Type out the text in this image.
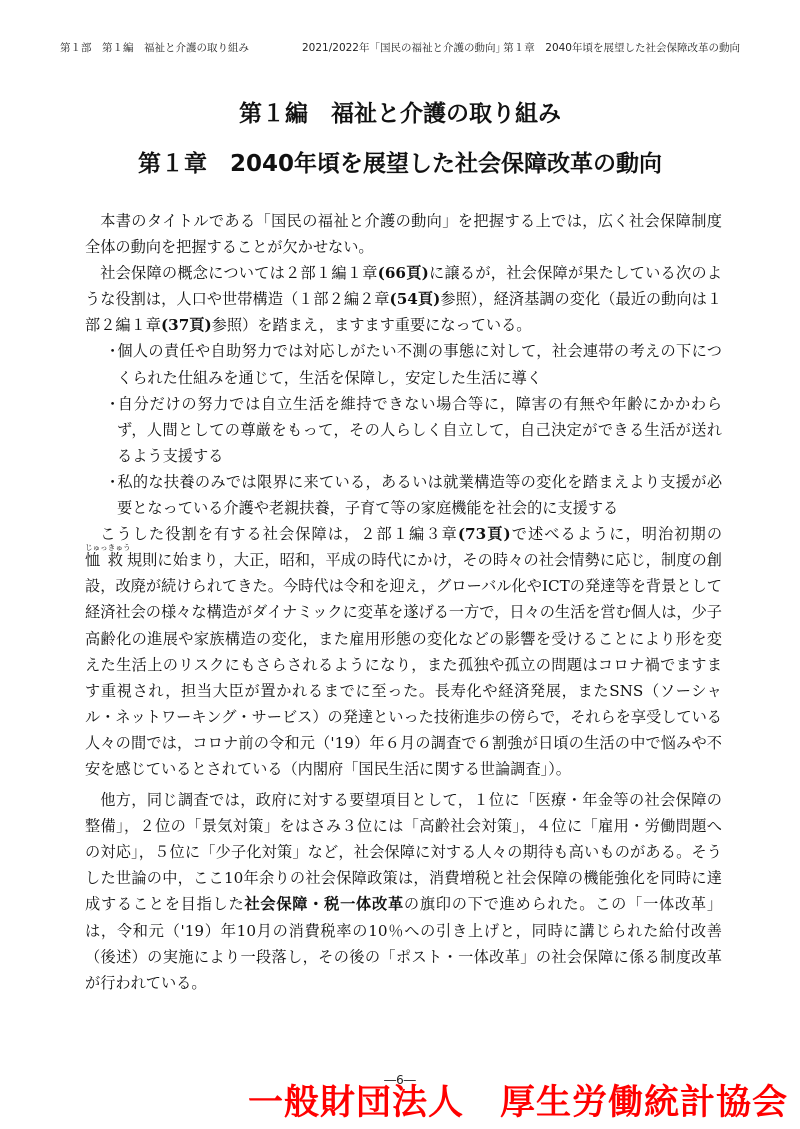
第１部　第１編　福祉と介護の取り組み	2021/2022年「国民の福祉と介護の動向」
第１章　2040年頃を展望した社会保障改革の動向
第１編　福祉と介護の取り組み
第１章　2040年頃を展望した社会保障改革の動向

本書のタイトルである「国民の福祉と介護の動向」を把握する上では，広く社会保障制度全体の動向を把握することが欠かせない。

社会保障の概念については２部１編１章(66頁)に譲るが，社会保障が果たしている次のような役割は，人口や世帯構造（１部２編２章(54頁)参照），経済基調の変化（最近の動向は１部２編１章(37頁)参照）を踏まえ，ますます重要になっている。

・個人の責任や自助努力では対応しがたい不測の事態に対して，社会連帯の考えの下につくられた仕組みを通じて，生活を保障し，安定した生活に導く

・自分だけの努力では自立生活を維持できない場合等に，障害の有無や年齢にかかわらず，人間としての尊厳をもって，その人らしく自立して，自己決定ができる生活が送れるよう支援する

・私的な扶養のみでは限界に来ている，あるいは就業構造等の変化を踏まえより支援が必要となっている介護や老親扶養，子育て等の家庭機能を社会的に支援する

こうした役割を有する社会保障は，２部１編３章(73頁)で述べるように，明治初期の恤救じゅっきゅう規則に始まり，大正，昭和，平成の時代にかけ，その時々の社会情勢に応じ，制度の創設，改廃が続けられてきた。今時代は令和を迎え，グローバル化やICTの発達等を背景として経済社会の様々な構造がダイナミックに変革を遂げる一方で，日々の生活を営む個人は，少子高齢化の進展や家族構造の変化，また雇用形態の変化などの影響を受けることにより形を変えた生活上のリスクにもさらされるようになり，また孤独や孤立の問題はコロナ禍でますます重視され，担当大臣が置かれるまでに至った。長寿化や経済発展，またSNS（ソーシャル・ネットワーキング・サービス）の発達といった技術進歩の傍らで，それらを享受している人々の間では，コロナ前の令和元（'19）年６月の調査で６割強が日頃の生活の中で悩みや不安を感じているとされている（内閣府「国民生活に関する世論調査」）。

他方，同じ調査では，政府に対する要望項目として，１位に「医療・年金等の社会保障の整備」，２位の「景気対策」をはさみ３位には「高齢社会対策」，４位に「雇用・労働問題への対応」，５位に「少子化対策」など，社会保障に対する人々の期待も高いものがある。そうした世論の中，ここ10年余りの社会保障政策は，消費増税と社会保障の機能強化を同時に達成することを目指した社会保障・税一体改革の旗印の下で進められた。この「一体改革」は，令和元（'19）年10月の消費税率の10％への引き上げと，同時に講じられた給付改善（後述）の実施により一段落し，その後の「ポスト・一体改革」の社会保障に係る制度改革が行われている。

―6―
一般財団法人　厚生労働統計協会
